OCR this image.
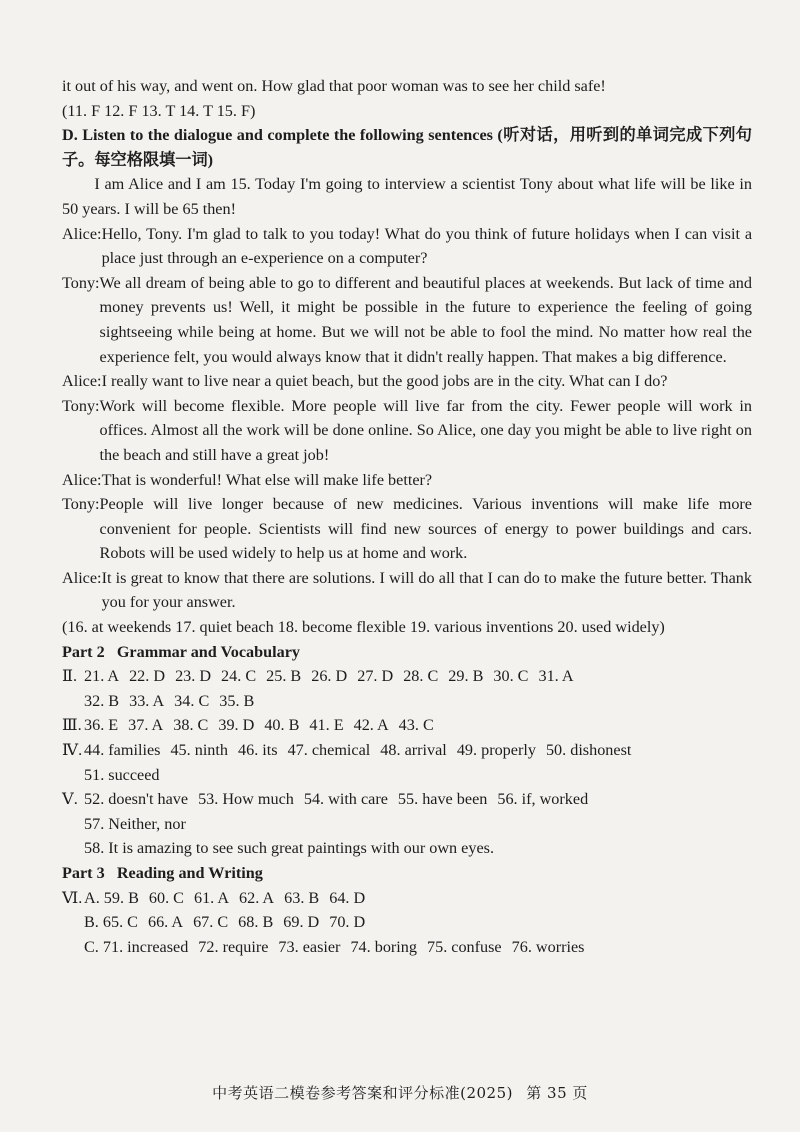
it out of his way, and went on. How glad that poor woman was to see her child safe!
(11. F 12. F 13. T 14. T 15. F)
D. Listen to the dialogue and complete the following sentences (听对话，用听到的单词完成下列句子。每空格限填一词)
I am Alice and I am 15. Today I'm going to interview a scientist Tony about what life will be like in 50 years. I will be 65 then!
Alice: Hello, Tony. I'm glad to talk to you today! What do you think of future holidays when I can visit a place just through an e-experience on a computer?
Tony: We all dream of being able to go to different and beautiful places at weekends. But lack of time and money prevents us! Well, it might be possible in the future to experience the feeling of going sightseeing while being at home. But we will not be able to fool the mind. No matter how real the experience felt, you would always know that it didn't really happen. That makes a big difference.
Alice: I really want to live near a quiet beach, but the good jobs are in the city. What can I do?
Tony: Work will become flexible. More people will live far from the city. Fewer people will work in offices. Almost all the work will be done online. So Alice, one day you might be able to live right on the beach and still have a great job!
Alice: That is wonderful! What else will make life better?
Tony: People will live longer because of new medicines. Various inventions will make life more convenient for people. Scientists will find new sources of energy to power buildings and cars. Robots will be used widely to help us at home and work.
Alice: It is great to know that there are solutions. I will do all that I can do to make the future better. Thank you for your answer.
(16. at weekends 17. quiet beach 18. become flexible 19. various inventions 20. used widely)
Part 2   Grammar and Vocabulary
Ⅱ. 21. A 22. D 23. D 24. C 25. B 26. D 27. D 28. C 29. B 30. C 31. A
32. B 33. A 34. C 35. B
Ⅲ. 36. E 37. A 38. C 39. D 40. B 41. E 42. A 43. C
Ⅳ. 44. families 45. ninth 46. its 47. chemical 48. arrival 49. properly 50. dishonest
51. succeed
Ⅴ. 52. doesn't have 53. How much 54. with care 55. have been 56. if, worked
57. Neither, nor
58. It is amazing to see such great paintings with our own eyes.
Part 3   Reading and Writing
Ⅵ. A. 59. B 60. C 61. A 62. A 63. B 64. D
B. 65. C 66. A 67. C 68. B 69. D 70. D
C. 71. increased 72. require 73. easier 74. boring 75. confuse 76. worries
中考英语二模卷参考答案和评分标准(2025) 第 35 页
